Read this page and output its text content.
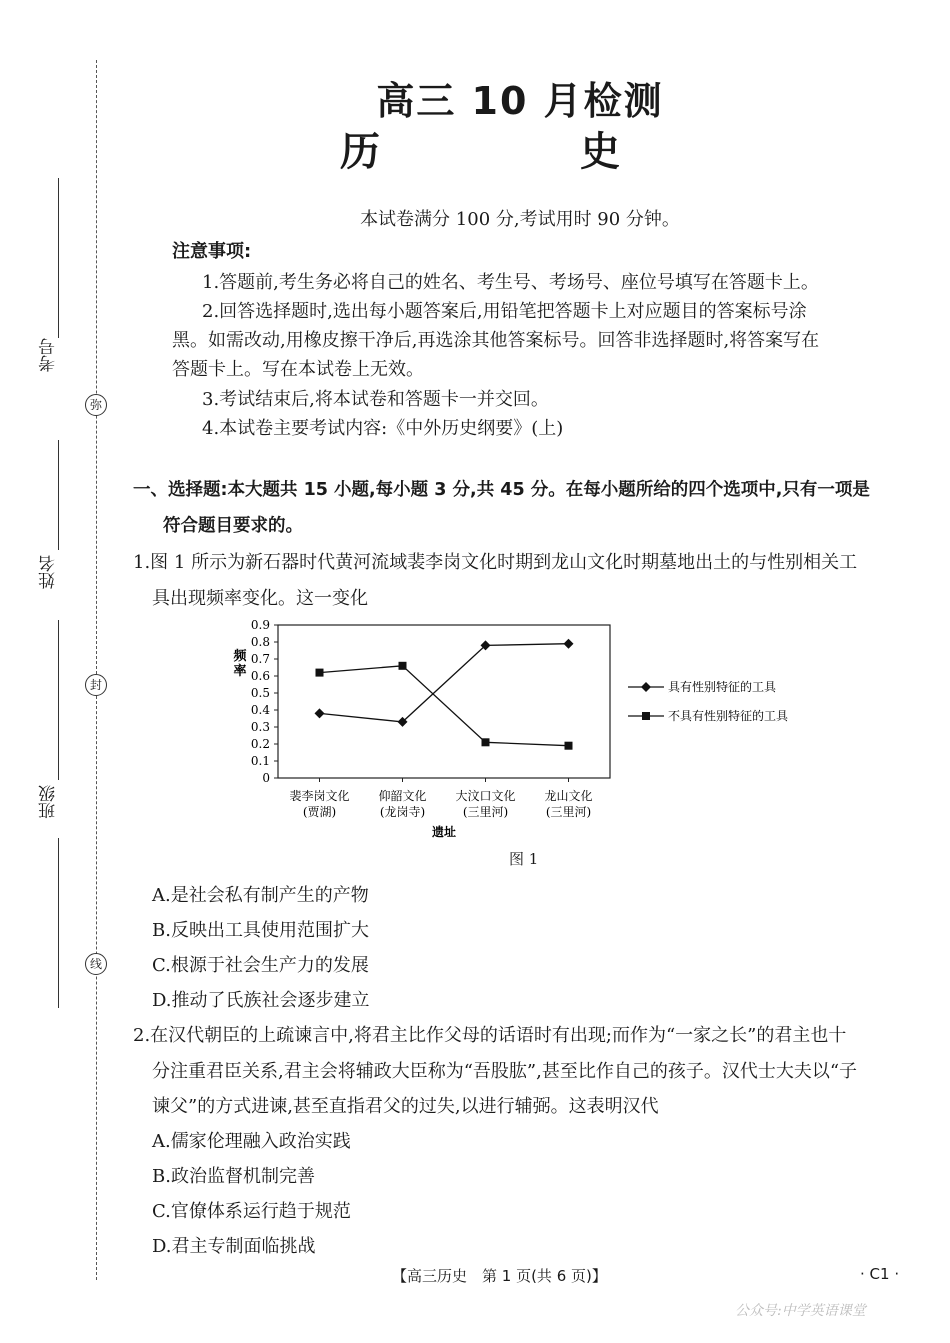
考号
弥
姓名
封
班级
线
高三 10 月检测
历　史
本试卷满分 100 分,考试用时 90 分钟。
注意事项:
1.答题前,考生务必将自己的姓名、考生号、考场号、座位号填写在答题卡上。
2.回答选择题时,选出每小题答案后,用铅笔把答题卡上对应题目的答案标号涂
黑。如需改动,用橡皮擦干净后,再选涂其他答案标号。回答非选择题时,将答案写在
答题卡上。写在本试卷上无效。
3.考试结束后,将本试卷和答题卡一并交回。
4.本试卷主要考试内容:《中外历史纲要》(上)
一、选择题:本大题共 15 小题,每小题 3 分,共 45 分。在每小题所给的四个选项中,只有一项是
符合题目要求的。
1.图 1 所示为新石器时代黄河流域裴李岗文化时期到龙山文化时期墓地出土的与性别相关工
具出现频率变化。这一变化
0
0.1
0.2
0.3
0.4
0.5
0.6
0.7
0.8
0.9
频率
裴李岗文化
(贾湖)
仰韶文化
(龙岗寺)
大汶口文化
(三里河)
龙山文化
(三里河)
遗址
具有性别特征的工具
不具有性别特征的工具
图 1
A.是社会私有制产生的产物
B.反映出工具使用范围扩大
C.根源于社会生产力的发展
D.推动了氏族社会逐步建立
2.在汉代朝臣的上疏谏言中,将君主比作父母的话语时有出现;而作为“一家之长”的君主也十
分注重君臣关系,君主会将辅政大臣称为“吾股肱”,甚至比作自己的孩子。汉代士大夫以“子
谏父”的方式进谏,甚至直指君父的过失,以进行辅弼。这表明汉代
A.儒家伦理融入政治实践
B.政治监督机制完善
C.官僚体系运行趋于规范
D.君主专制面临挑战
【高三历史　第 1 页(共 6 页)】	· C1 ·
公众号:中学英语课堂
